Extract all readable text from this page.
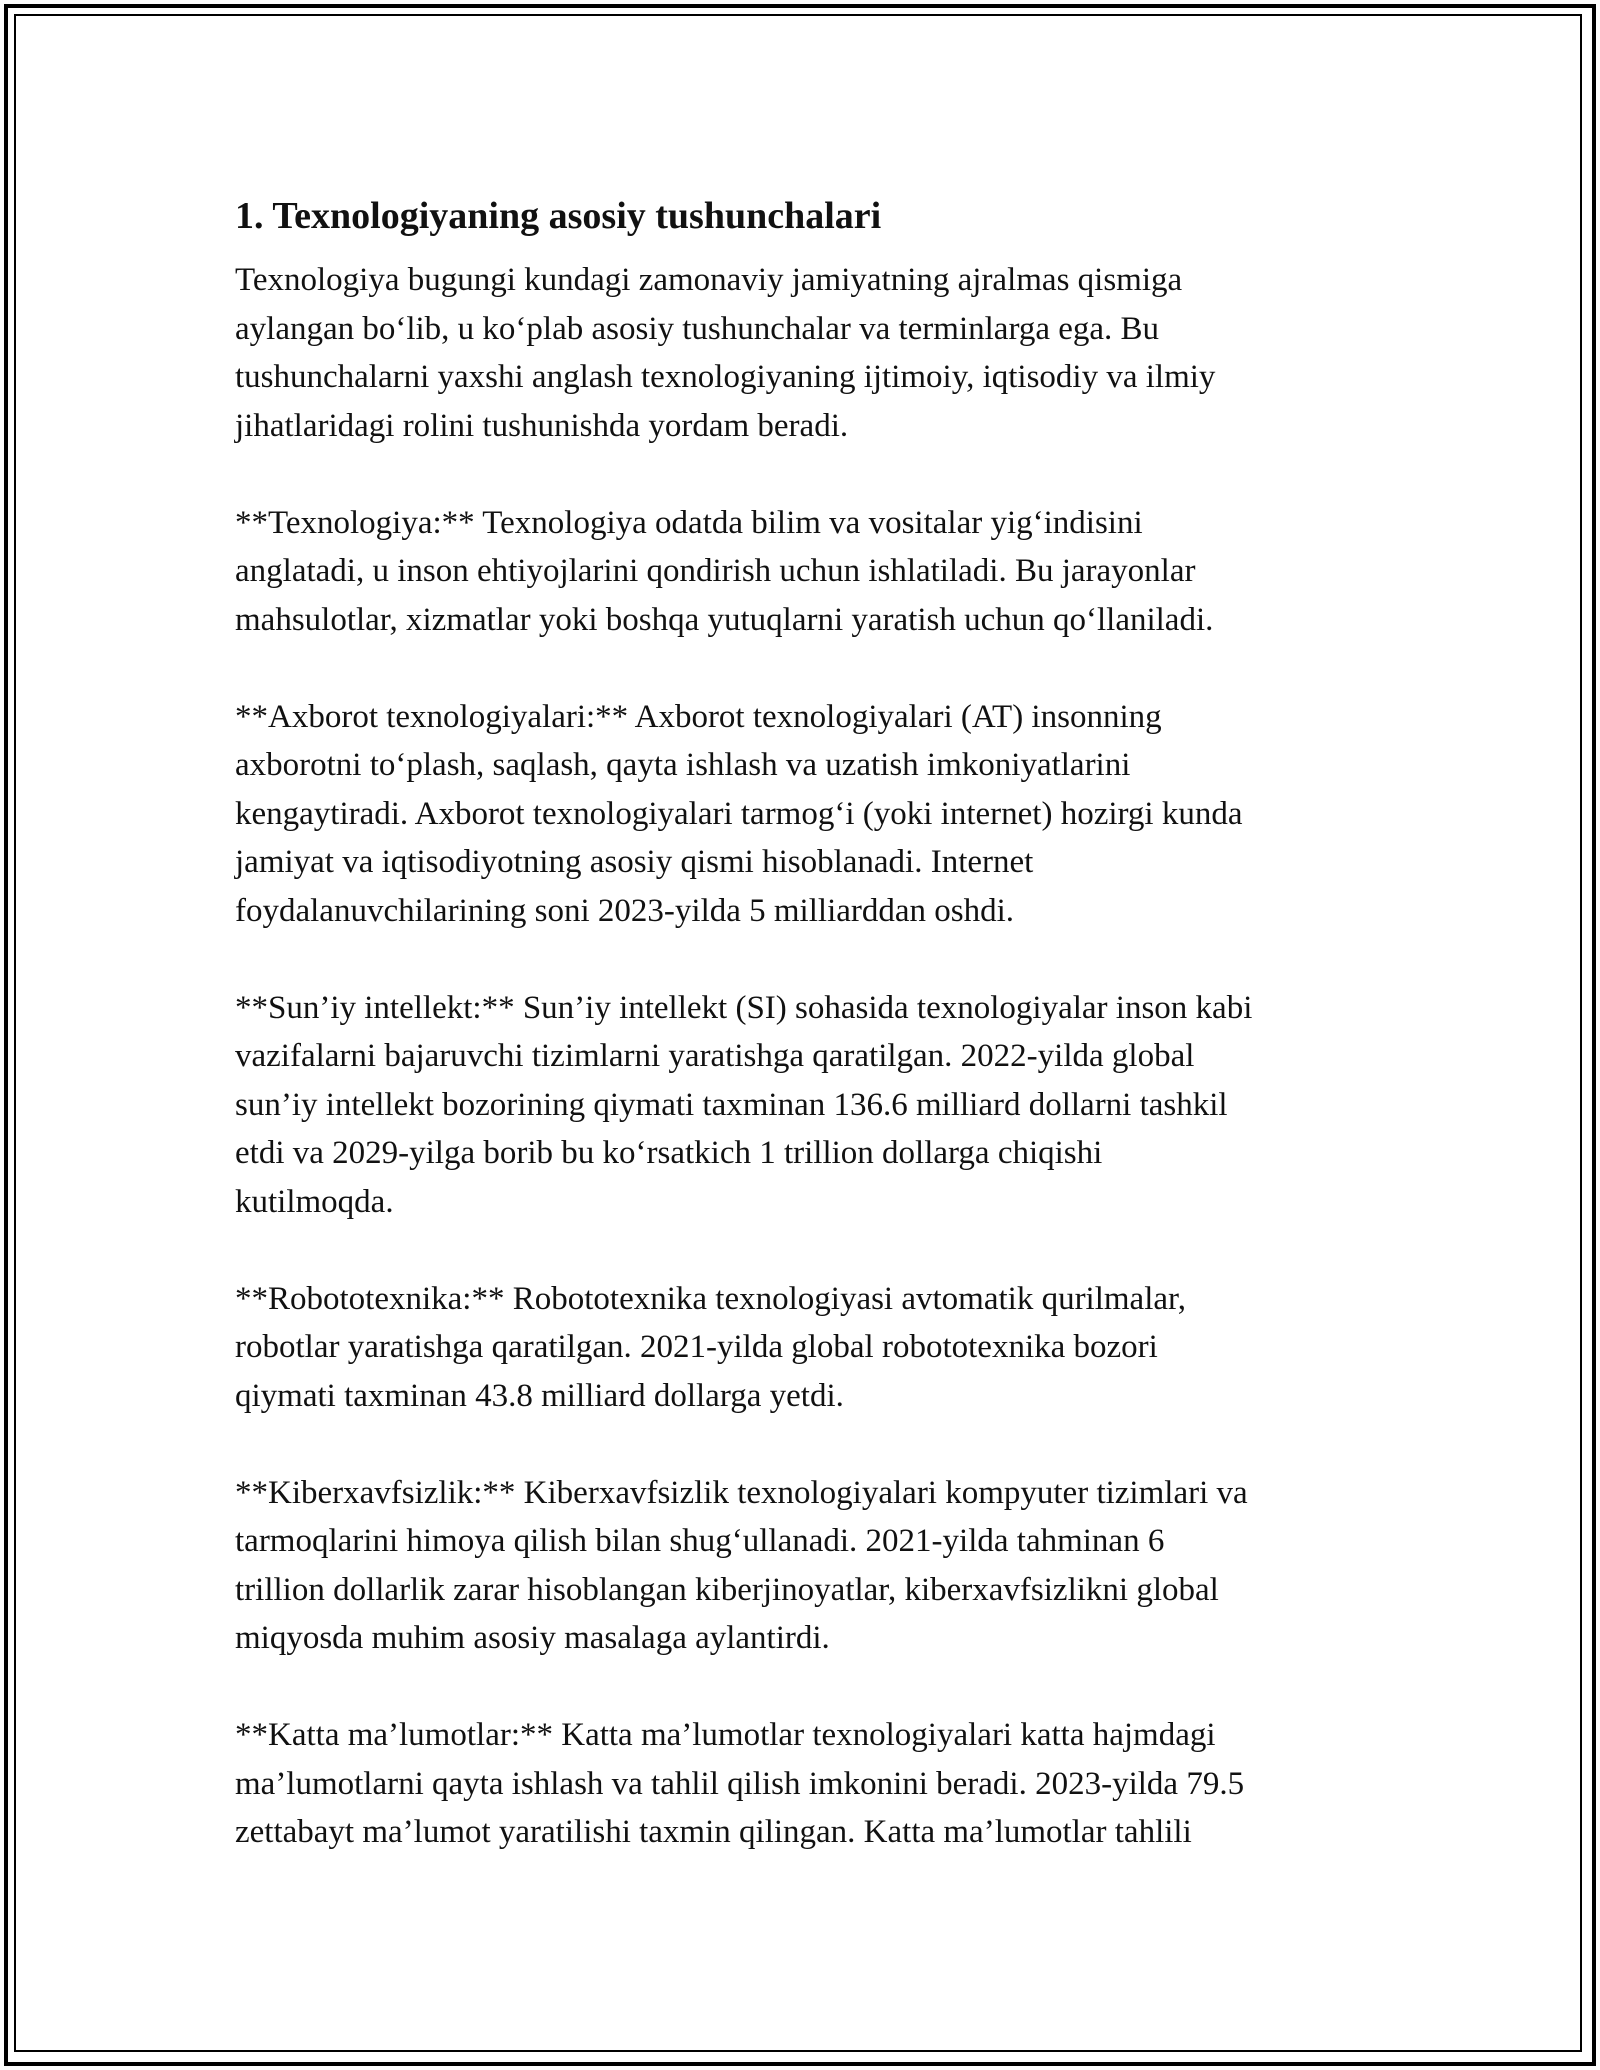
1. Texnologiyaning asosiy tushunchalari
Texnologiya bugungi kundagi zamonaviy jamiyatning ajralmas qismiga
aylangan bo‘lib, u ko‘plab asosiy tushunchalar va terminlarga ega. Bu
tushunchalarni yaxshi anglash texnologiyaning ijtimoiy, iqtisodiy va ilmiy
jihatlaridagi rolini tushunishda yordam beradi.
**Texnologiya:** Texnologiya odatda bilim va vositalar yig‘indisini
anglatadi, u inson ehtiyojlarini qondirish uchun ishlatiladi. Bu jarayonlar
mahsulotlar, xizmatlar yoki boshqa yutuqlarni yaratish uchun qo‘llaniladi.
**Axborot texnologiyalari:** Axborot texnologiyalari (AT) insonning
axborotni to‘plash, saqlash, qayta ishlash va uzatish imkoniyatlarini
kengaytiradi. Axborot texnologiyalari tarmog‘i (yoki internet) hozirgi kunda
jamiyat va iqtisodiyotning asosiy qismi hisoblanadi. Internet
foydalanuvchilarining soni 2023-yilda 5 milliarddan oshdi.
**Sun’iy intellekt:** Sun’iy intellekt (SI) sohasida texnologiyalar inson kabi
vazifalarni bajaruvchi tizimlarni yaratishga qaratilgan. 2022-yilda global
sun’iy intellekt bozorining qiymati taxminan 136.6 milliard dollarni tashkil
etdi va 2029-yilga borib bu ko‘rsatkich 1 trillion dollarga chiqishi
kutilmoqda.
**Robototexnika:** Robototexnika texnologiyasi avtomatik qurilmalar,
robotlar yaratishga qaratilgan. 2021-yilda global robototexnika bozori
qiymati taxminan 43.8 milliard dollarga yetdi.
**Kiberxavfsizlik:** Kiberxavfsizlik texnologiyalari kompyuter tizimlari va
tarmoqlarini himoya qilish bilan shug‘ullanadi. 2021-yilda tahminan 6
trillion dollarlik zarar hisoblangan kiberjinoyatlar, kiberxavfsizlikni global
miqyosda muhim asosiy masalaga aylantirdi.
**Katta ma’lumotlar:** Katta ma’lumotlar texnologiyalari katta hajmdagi
ma’lumotlarni qayta ishlash va tahlil qilish imkonini beradi. 2023-yilda 79.5
zettabayt ma’lumot yaratilishi taxmin qilingan. Katta ma’lumotlar tahlili
